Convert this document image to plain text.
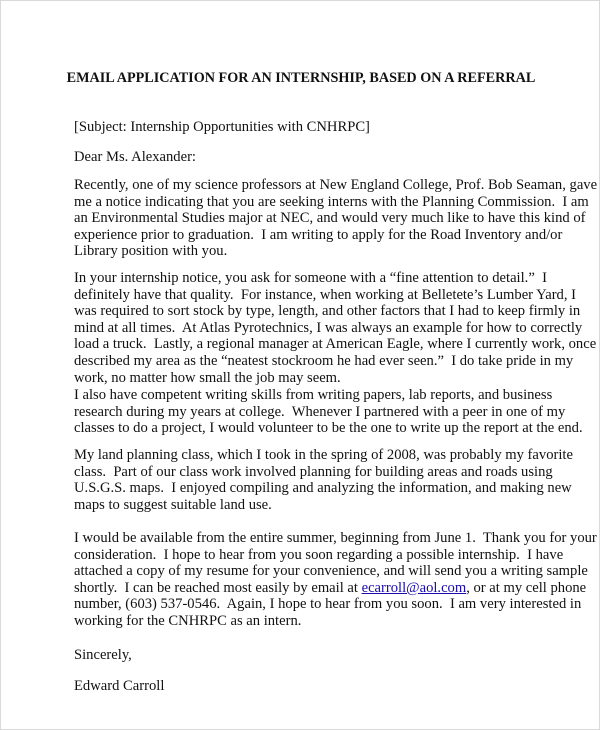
EMAIL APPLICATION FOR AN INTERNSHIP, BASED ON A REFERRAL

[Subject: Internship Opportunities with CNHRPC]

Dear Ms. Alexander:

Recently, one of my science professors at New England College, Prof. Bob Seaman, gave
me a notice indicating that you are seeking interns with the Planning Commission.  I am
an Environmental Studies major at NEC, and would very much like to have this kind of
experience prior to graduation.  I am writing to apply for the Road Inventory and/or
Library position with you.

In your internship notice, you ask for someone with a “fine attention to detail.”  I
definitely have that quality.  For instance, when working at Belletete’s Lumber Yard, I
was required to sort stock by type, length, and other factors that I had to keep firmly in
mind at all times.  At Atlas Pyrotechnics, I was always an example for how to correctly
load a truck.  Lastly, a regional manager at American Eagle, where I currently work, once
described my area as the “neatest stockroom he had ever seen.”  I do take pride in my
work, no matter how small the job may seem.

I also have competent writing skills from writing papers, lab reports, and business
research during my years at college.  Whenever I partnered with a peer in one of my
classes to do a project, I would volunteer to be the one to write up the report at the end.

My land planning class, which I took in the spring of 2008, was probably my favorite
class.  Part of our class work involved planning for building areas and roads using
U.S.G.S. maps.  I enjoyed compiling and analyzing the information, and making new
maps to suggest suitable land use.

I would be available from the entire summer, beginning from June 1.  Thank you for your
consideration.  I hope to hear from you soon regarding a possible internship.  I have
attached a copy of my resume for your convenience, and will send you a writing sample
shortly.  I can be reached most easily by email at ecarroll@aol.com, or at my cell phone
number, (603) 537-0546.  Again, I hope to hear from you soon.  I am very interested in
working for the CNHRPC as an intern.

Sincerely,

Edward Carroll
